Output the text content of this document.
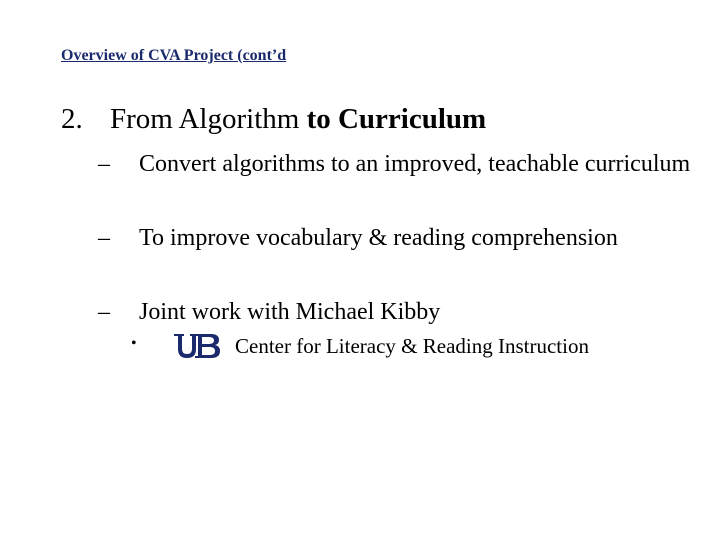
Overview of CVA Project (cont’d
2. From Algorithm to Curriculum
–	Convert algorithms to an improved, teachable curriculum
–	To improve vocabulary & reading comprehension
–	Joint work with Michael Kibby
•	Center for Literacy & Reading Instruction
